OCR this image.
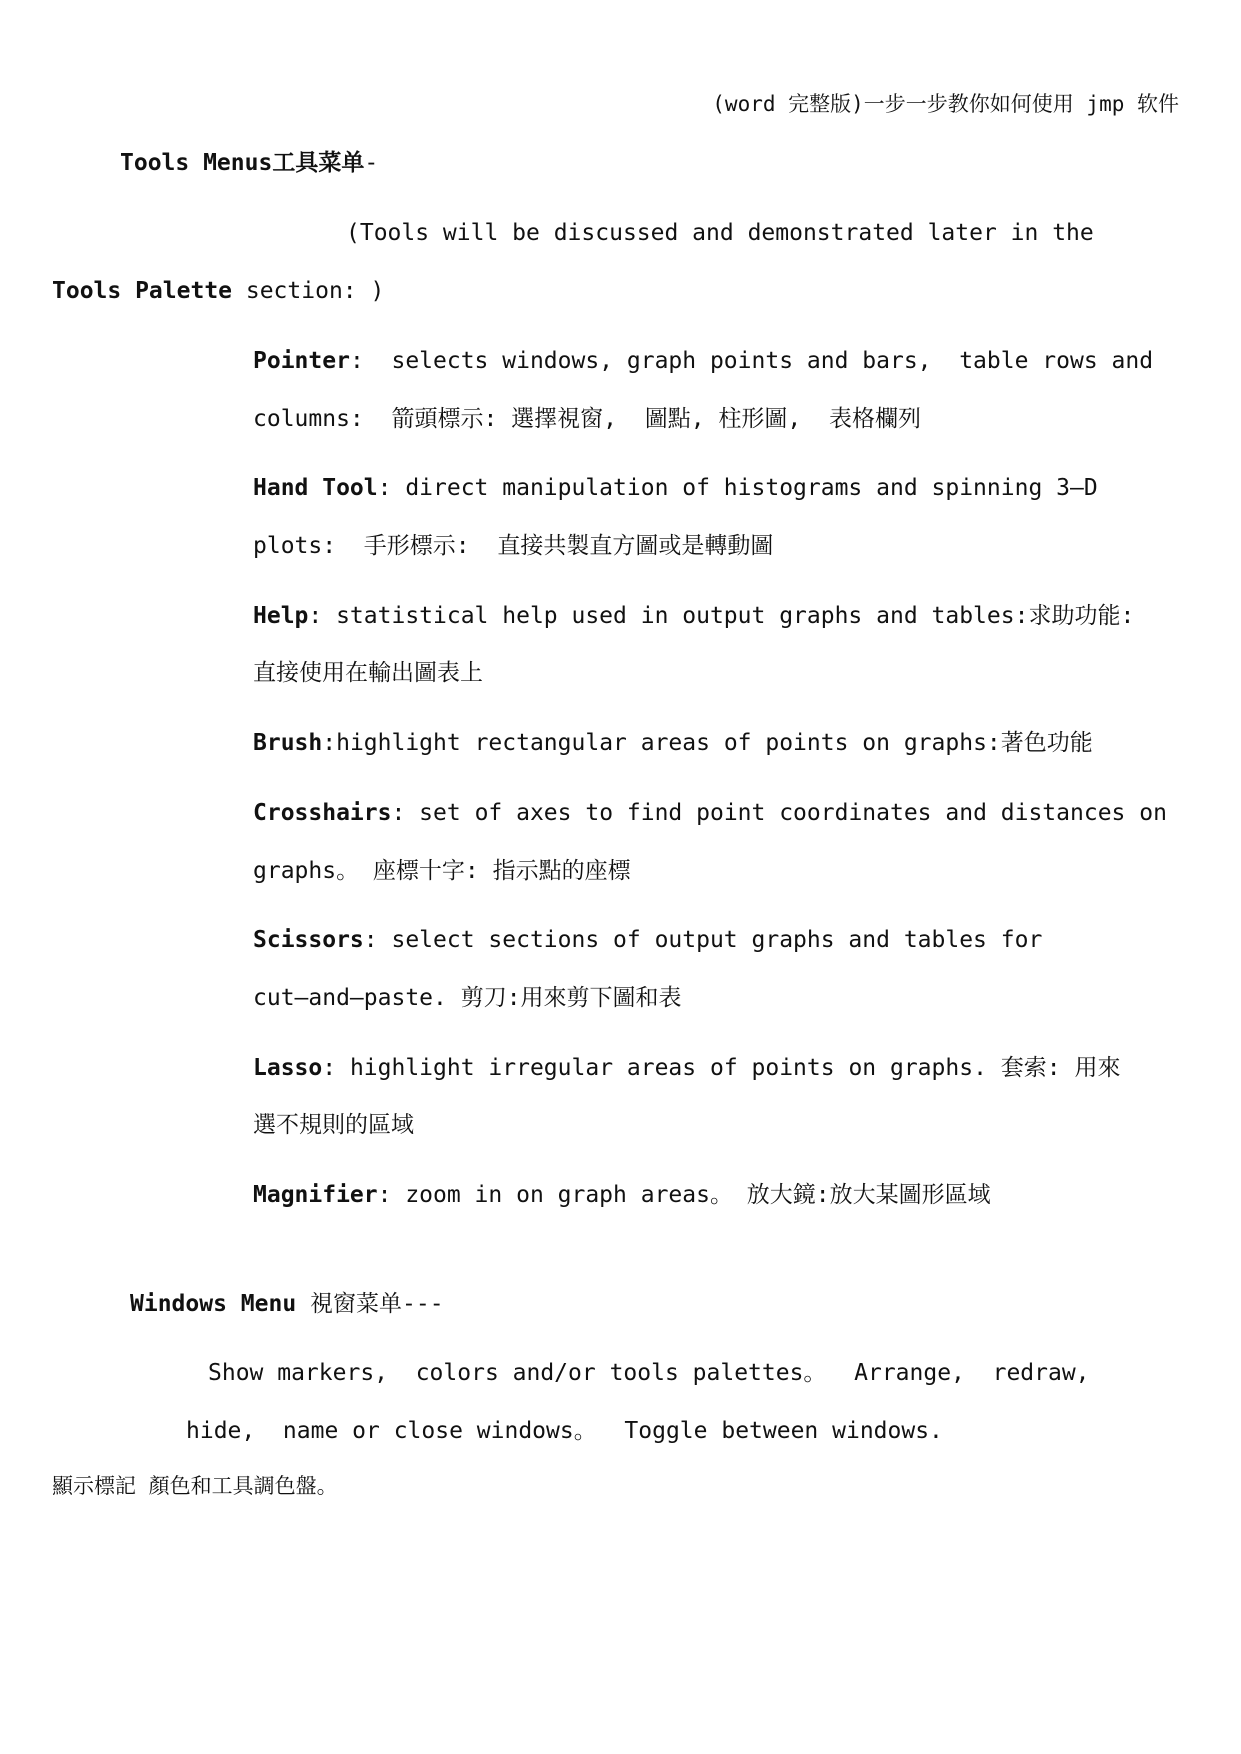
(word 完整版)一步一步教你如何使用 jmp 软件
Tools Menus工具菜单-
(Tools will be discussed and demonstrated later in the
Tools Palette section: )
Pointer:  selects windows, graph points and bars,  table rows and
columns:  箭頭標示: 選擇視窗,  圖點, 柱形圖,  表格欄列
Hand Tool: direct manipulation of histograms and spinning 3—D
plots:  手形標示:  直接共製直方圖或是轉動圖
Help: statistical help used in output graphs and tables:求助功能:
直接使用在輸出圖表上
Brush:highlight rectangular areas of points on graphs:著色功能
Crosshairs: set of axes to find point coordinates and distances on
graphs。 座標十字: 指示點的座標
Scissors: select sections of output graphs and tables for
cut—and—paste. 剪刀:用來剪下圖和表
Lasso: highlight irregular areas of points on graphs. 套索: 用來
選不規則的區域
Magnifier: zoom in on graph areas。 放大鏡:放大某圖形區域
Windows Menu 視窗菜单---
Show markers,  colors and/or tools palettes。  Arrange,  redraw,
hide,  name or close windows。  Toggle between windows.
顯示標記 顏色和工具調色盤。
